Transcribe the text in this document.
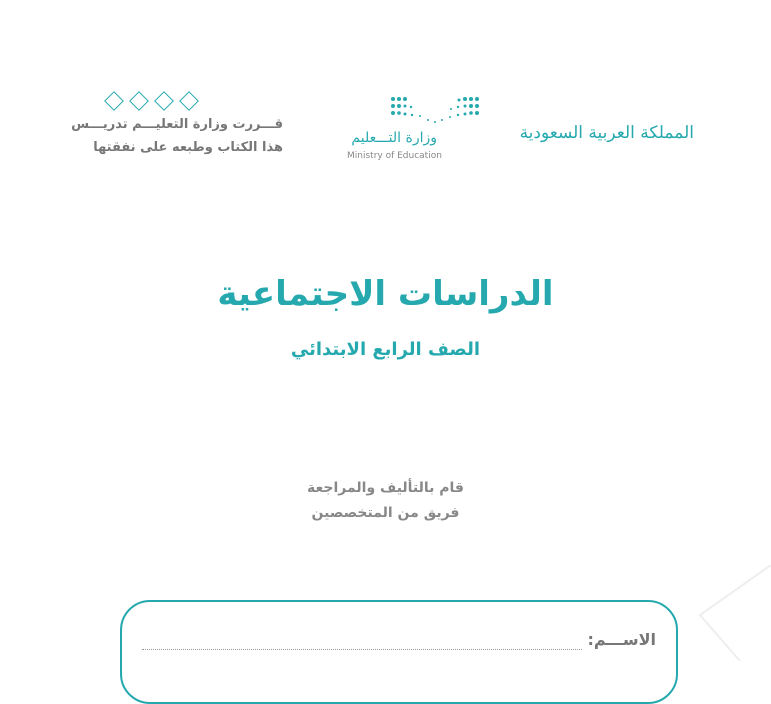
قـــررت وزارة التعليـــم تدريـــس
هذا الكتاب وطبعه على نفقتها
وزارة التـــعليم
Ministry of Education
المملكة العربية السعودية
الدراسات الاجتماعية
الصف الرابع الابتدائي
قام بالتأليف والمراجعة
فريق من المتخصصين
الاســـم:
